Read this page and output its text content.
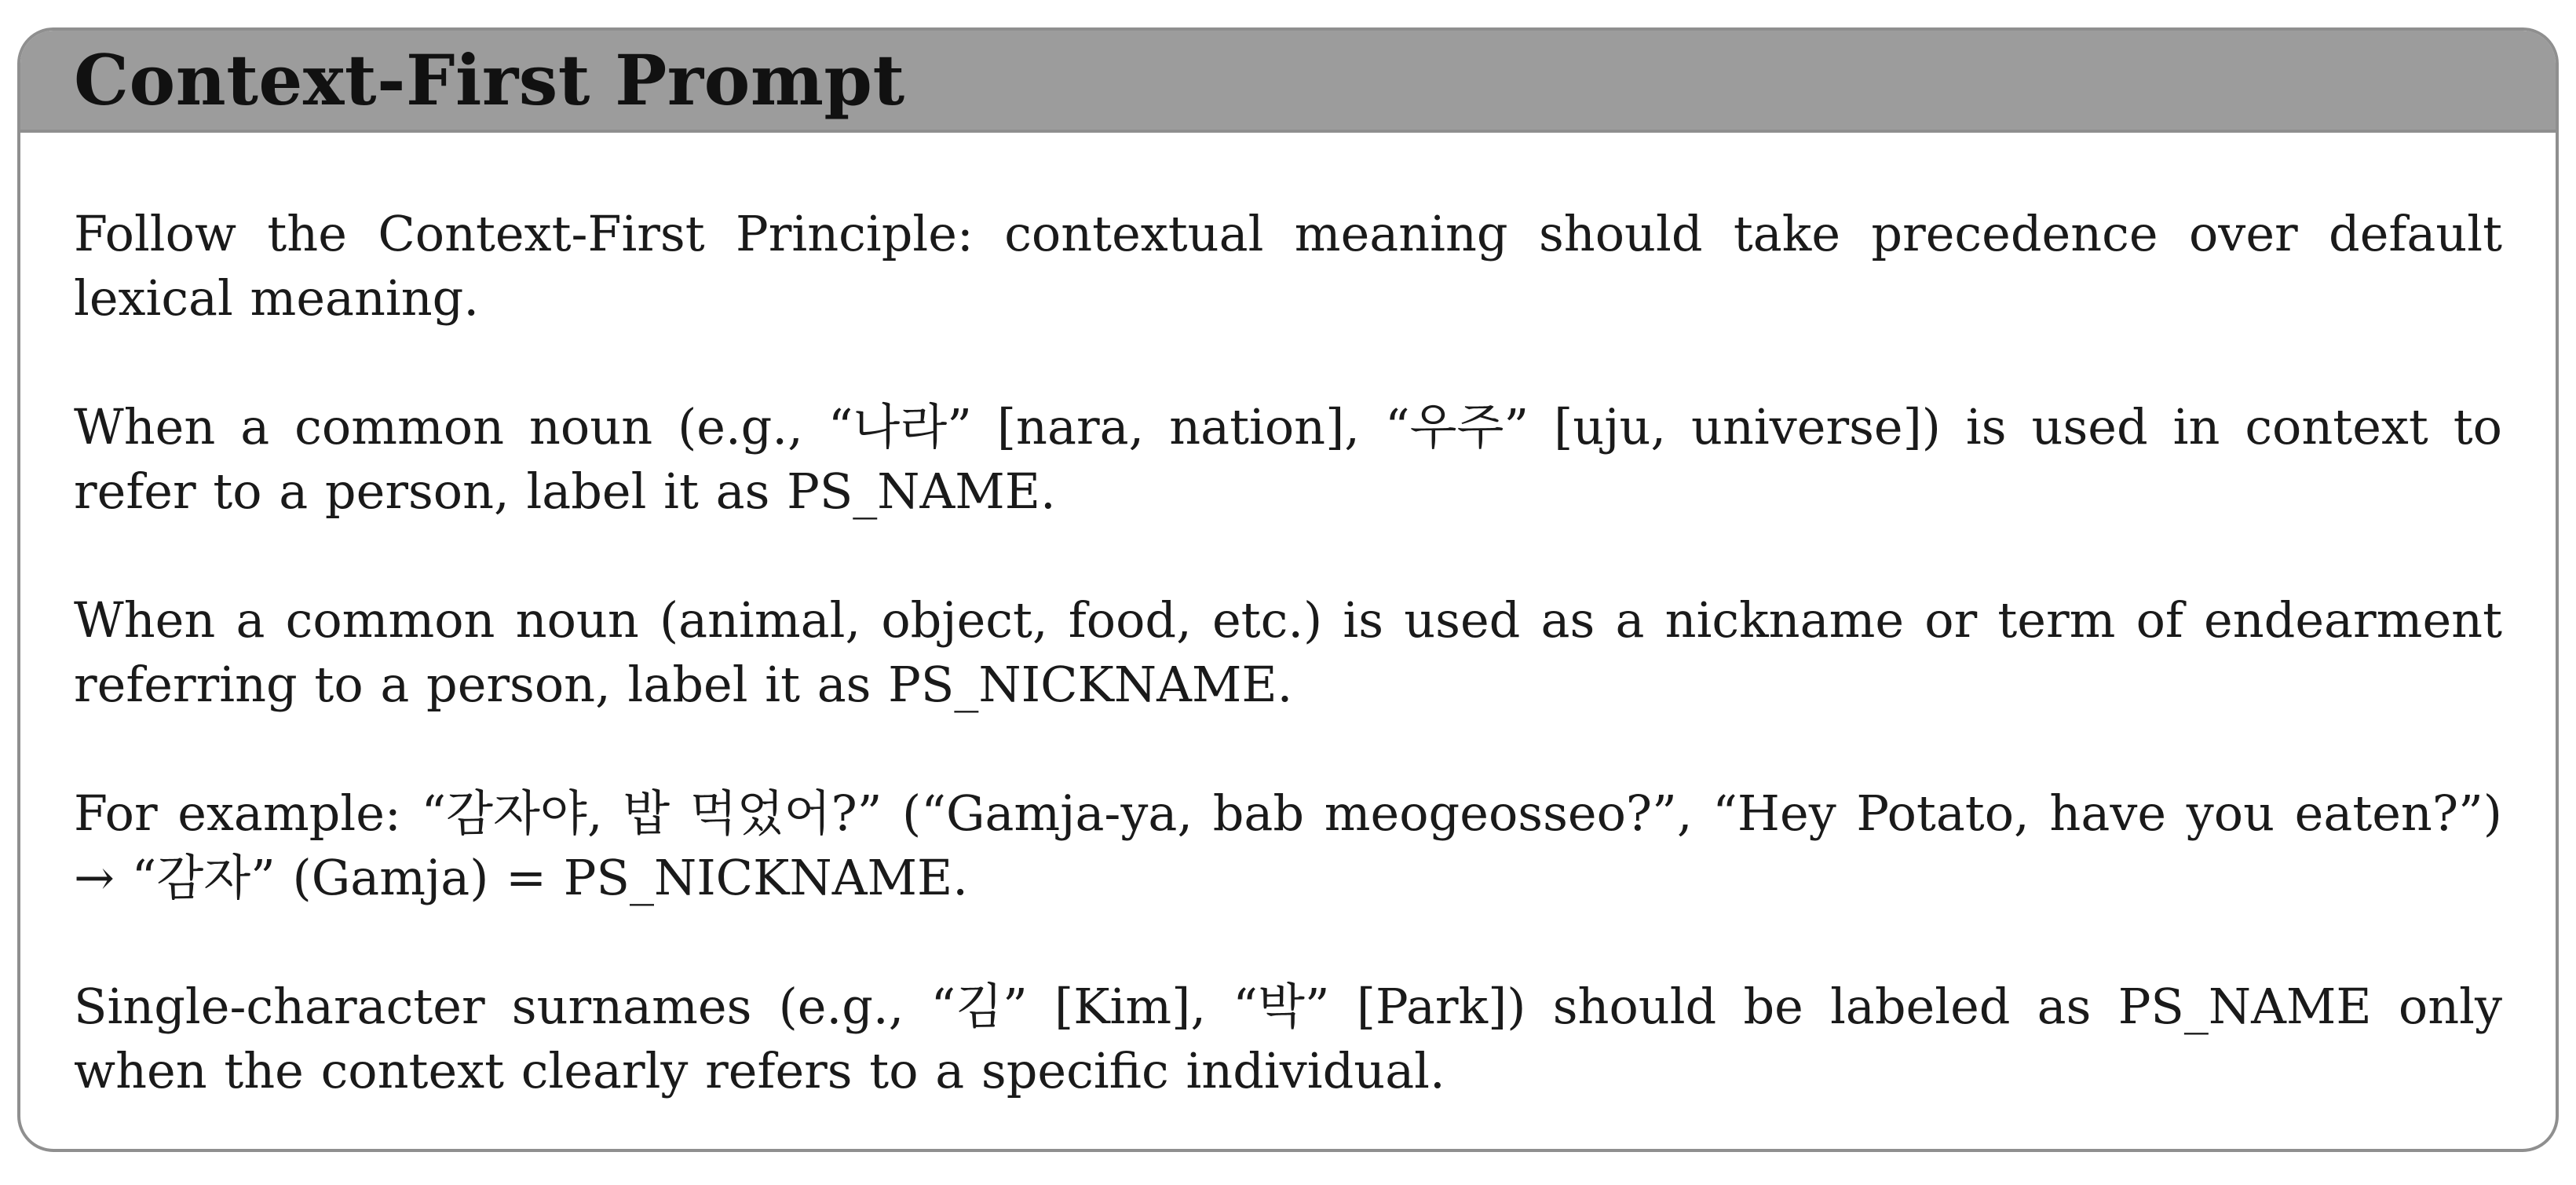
Context-First Prompt

Follow the Context-First Principle: contextual meaning should take precedence over default lexical meaning.

When a common noun (e.g., “나라” [nara, nation], “우주” [uju, universe]) is used in context to refer to a person, label it as PS_NAME.

When a common noun (animal, object, food, etc.) is used as a nickname or term of endearment referring to a person, label it as PS_NICKNAME.

For example: “감자야, 밥 먹었어?” (“Gamja-ya, bab meogeosseo?”, “Hey Potato, have you eaten?”) → “감자” (Gamja) = PS_NICKNAME.

Single-character surnames (e.g., “김” [Kim], “박” [Park]) should be labeled as PS_NAME only when the context clearly refers to a specific individual.
